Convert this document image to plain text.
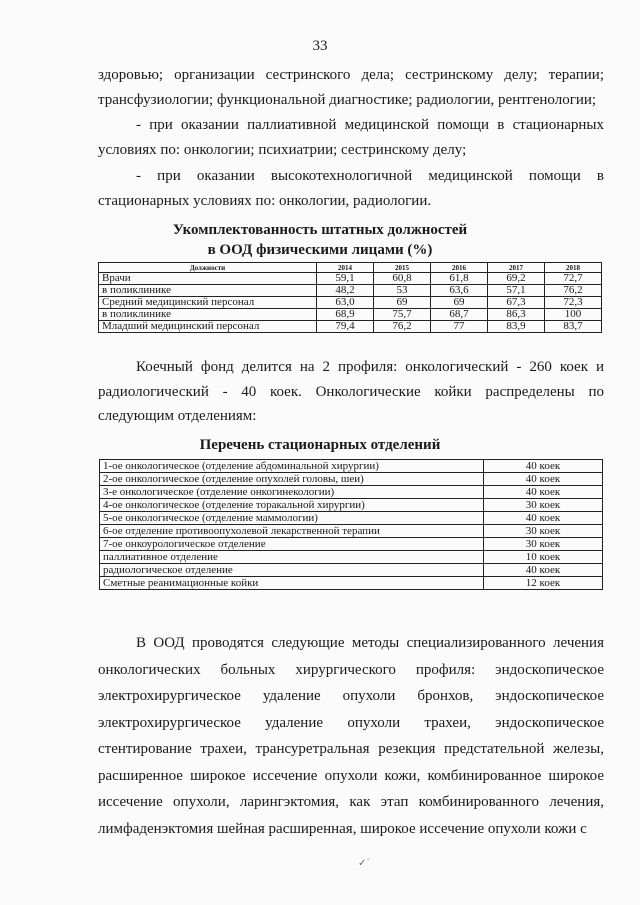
33

здоровью; организации сестринского дела; сестринскому делу; терапии;

трансфузиологии; функциональной диагностике; радиологии, рентгенологии;

- при оказании паллиативной медицинской помощи в стационарных условиях по: онкологии; психиатрии; сестринскому делу;

- при оказании высокотехнологичной медицинской помощи в стационарных условиях по: онкологии, радиологии.

Укомплектованность штатных должностей
в ООД физическими лицами (%)
Должности	2014	2015	2016	2017	2018
Врачи	59,1	60,8	61,8	69,2	72,7
в поликлинике	48,2	53	63,6	57,1	76,2
Средний медицинский персонал	63,0	69	69	67,3	72,3
в поликлинике	68,9	75,7	68,7	86,3	100
Младший медицинский персонал	79,4	76,2	77	83,9	83,7

Коечный фонд делится на 2 профиля: онкологический - 260 коек и радиологический - 40 коек. Онкологические койки распределены по следующим отделениям:

Перечень стационарных отделений
1-ое онкологическое (отделение абдоминальной хирургии)	40 коек
2-ое онкологическое (отделение опухолей головы, шеи)	40 коек
3-е онкологическое (отделение онкогинекологии)	40 коек
4-ое онкологическое (отделение торакальной хирургии)	30 коек
5-ое онкологическое (отделение маммологии)	40 коек
6-ое отделение противоопухолевой лекарственной терапии	30 коек
7-ое онкоурологическое отделение	30 коек
паллиативное отделение	10 коек
радиологическое отделение	40 коек
Сметные реанимационные койки	12 коек

В ООД проводятся следующие методы специализированного лечения онкологических больных хирургического профиля: эндоскопическое электрохирургическое удаление опухоли бронхов, эндоскопическое электрохирургическое удаление опухоли трахеи, эндоскопическое стентирование трахеи, трансуретральная резекция предстательной железы, расширенное широкое иссечение опухоли кожи, комбинированное широкое иссечение опухоли, ларингэктомия, как этап комбинированного лечения, лимфаденэктомия шейная расширенная, широкое иссечение опухоли кожи с

✓˙
